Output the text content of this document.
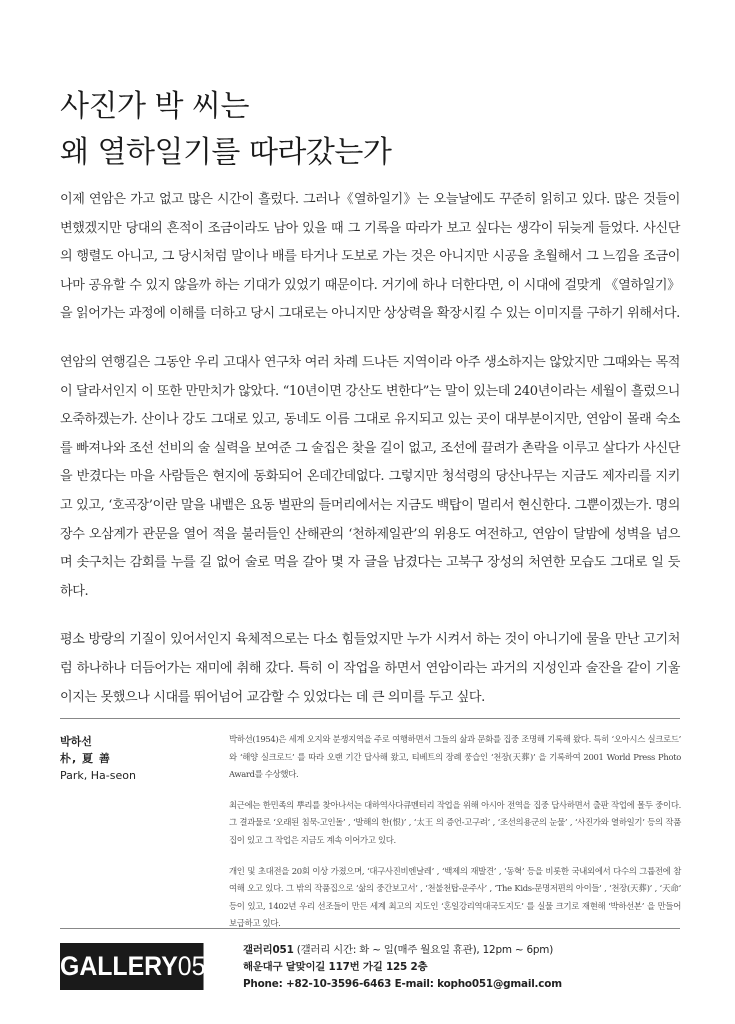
사진가 박 씨는
왜 열하일기를 따라갔는가

이제 연암은 가고 없고 많은 시간이 흘렀다. 그러나《열하일기》는 오늘날에도 꾸준히 읽히고 있다. 많은 것들이 변했겠지만 당대의 흔적이 조금이라도 남아 있을 때 그 기록을 따라가 보고 싶다는 생각이 뒤늦게 들었다. 사신단의 행렬도 아니고, 그 당시처럼 말이나 배를 타거나 도보로 가는 것은 아니지만 시공을 초월해서 그 느낌을 조금이나마 공유할 수 있지 않을까 하는 기대가 있었기 때문이다. 거기에 하나 더한다면, 이 시대에 걸맞게 《열하일기》을 읽어가는 과정에 이해를 더하고 당시 그대로는 아니지만 상상력을 확장시킬 수 있는 이미지를 구하기 위해서다.

연암의 연행길은 그동안 우리 고대사 연구차 여러 차례 드나든 지역이라 아주 생소하지는 않았지만 그때와는 목적이 달라서인지 이 또한 만만치가 않았다. “10년이면 강산도 변한다”는 말이 있는데 240년이라는 세월이 흘렀으니 오죽하겠는가. 산이나 강도 그대로 있고, 동네도 이름 그대로 유지되고 있는 곳이 대부분이지만, 연암이 몰래 숙소를 빠져나와 조선 선비의 술 실력을 보여준 그 술집은 찾을 길이 없고, 조선에 끌려가 촌락을 이루고 살다가 사신단을 반겼다는 마을 사람들은 현지에 동화되어 온데간데없다. 그렇지만 청석령의 당산나무는 지금도 제자리를 지키고 있고, ‘호곡장’이란 말을 내뱉은 요동 벌판의 들머리에서는 지금도 백탑이 멀리서 현신한다. 그뿐이겠는가. 명의 장수 오삼계가 관문을 열어 적을 불러들인 산해관의 ‘천하제일관’의 위용도 여전하고, 연암이 달밤에 성벽을 넘으며 솟구치는 감회를 누를 길 없어 술로 먹을 갈아 몇 자 글을 남겼다는 고북구 장성의 처연한 모습도 그대로 일 듯하다.

평소 방랑의 기질이 있어서인지 육체적으로는 다소 힘들었지만 누가 시켜서 하는 것이 아니기에 물을 만난 고기처럼 하나하나 더듬어가는 재미에 취해 갔다. 특히 이 작업을 하면서 연암이라는 과거의 지성인과 술잔을 같이 기울이지는 못했으나 시대를 뛰어넘어 교감할 수 있었다는 데 큰 의미를 두고 싶다.

박하선
朴, 夏 善
Park, Ha-seon

박하선(1954)은 세계 오지와 분쟁지역을 주로 여행하면서 그들의 삶과 문화를 집중 조명해 기록해 왔다. 특히 ‘오아시스 실크로드’ 와 ‘해양 실크로드’ 를 따라 오랜 기간 답사해 왔고, 티베트의 장례 풍습인 ‘천장(天葬)’ 을 기록하여 2001 World Press Photo Award를 수상했다.

최근에는 한민족의 뿌리를 찾아나서는 대하역사다큐멘터리 작업을 위해 아시아 전역을 집중 답사하면서 출판 작업에 몰두 중이다. 그 결과물로 ‘오래된 침묵-고인돌’ , ‘발해의 한(恨)’ , ‘太王 의 증언-고구려’ , ‘조선의용군의 눈물’ , ‘사진가와 열하일기’ 등의 작품집이 있고 그 작업은 지금도 계속 이어가고 있다.

개인 및 초대전을 20회 이상 가졌으며, ‘대구사진비엔날레’ , ‘백제의 재발견’ , ‘동혁’ 등을 비롯한 국내외에서 다수의 그룹전에 참여해 오고 있다. 그 밖의 작품집으로 ‘삶의 중간보고서’ , ‘천불천탑-운주사’ , ‘The Kids-문명저편의 아이들’ , ‘천장(天葬)’ , ‘天命’ 등이 있고, 1402년 우리 선조들이 만든 세계 최고의 지도인 ‘혼일강리역대국도지도’ 를 실물 크기로 재현해 ‘박하선본’ 을 만들어 보급하고 있다.

GALLERY051
갤러리051 (갤러리 시간: 화 ~ 일(매주 월요일 휴관), 12pm ~ 6pm)
해운대구 달맞이길 117번 가길 125 2층
Phone: +82-10-3596-6463 E-mail: kopho051@gmail.com
